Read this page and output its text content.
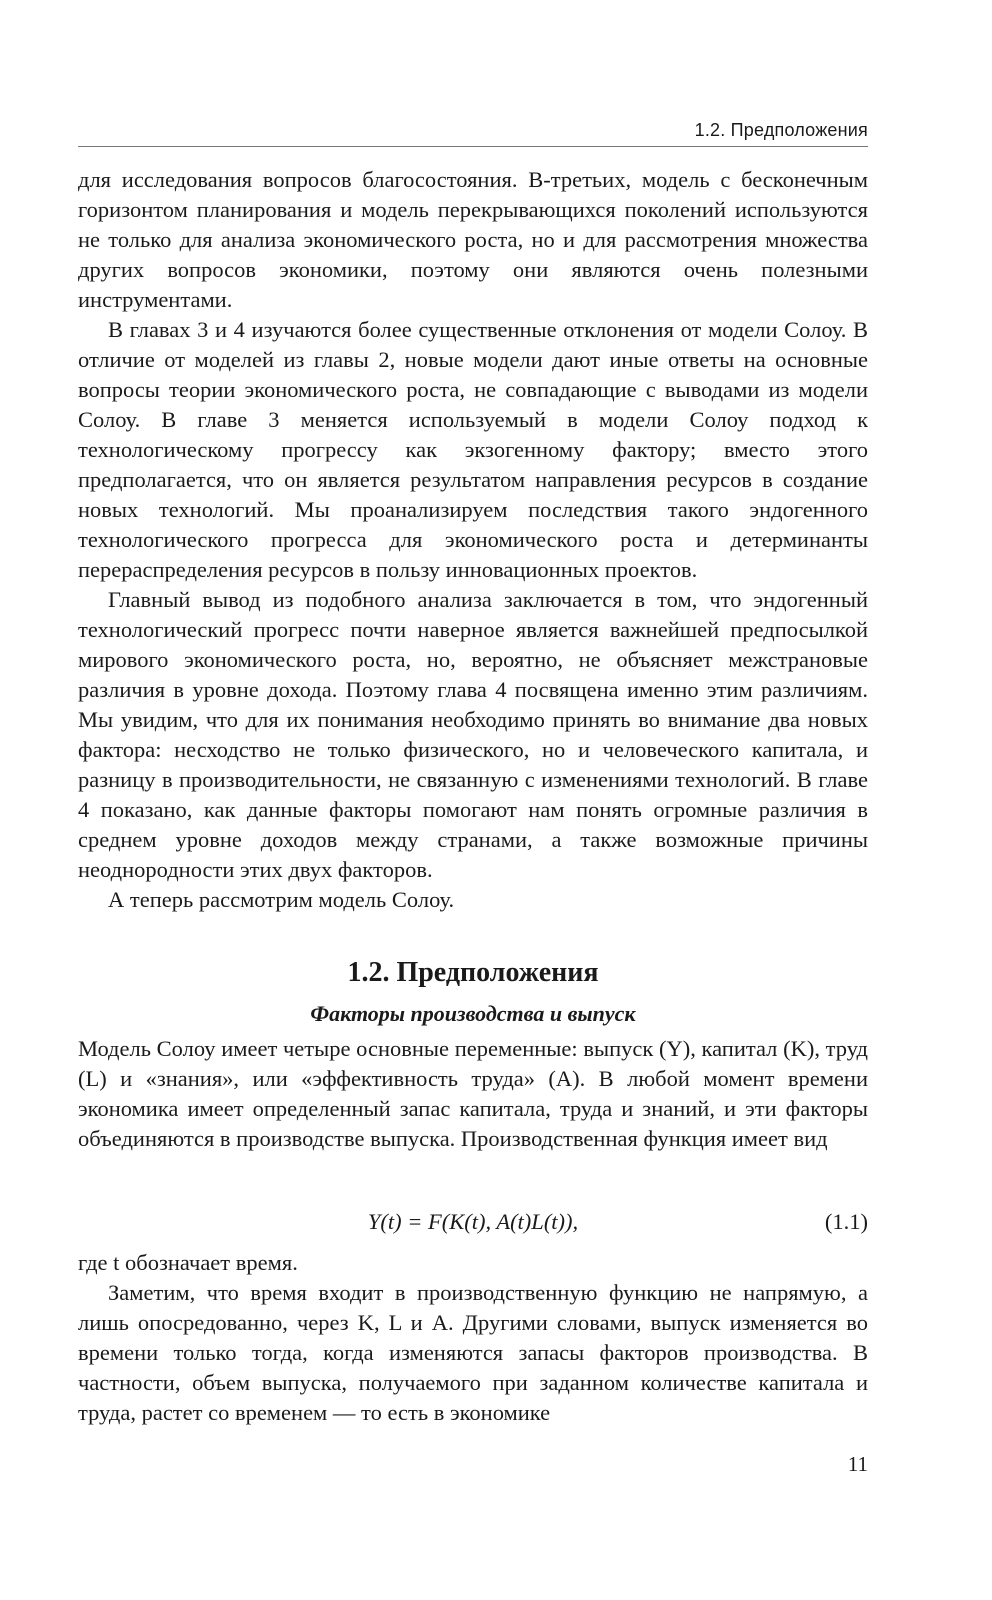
1.2. Предположения

для исследования вопросов благосостояния. В-третьих, модель с бесконечным горизонтом планирования и модель перекрывающихся поколений используются не только для анализа экономического роста, но и для рассмотрения множества других вопросов экономики, поэтому они являются очень полезными инструментами.

В главах 3 и 4 изучаются более существенные отклонения от модели Солоу. В отличие от моделей из главы 2, новые модели дают иные ответы на основные вопросы теории экономического роста, не совпадающие с выводами из модели Солоу. В главе 3 меняется используемый в модели Солоу подход к технологическому прогрессу как экзогенному фактору; вместо этого предполагается, что он является результатом направления ресурсов в создание новых технологий. Мы проанализируем последствия такого эндогенного технологического прогресса для экономического роста и детерминанты перераспределения ресурсов в пользу инновационных проектов.

Главный вывод из подобного анализа заключается в том, что эндогенный технологический прогресс почти наверное является важнейшей предпосылкой мирового экономического роста, но, вероятно, не объясняет межстрановые различия в уровне дохода. Поэтому глава 4 посвящена именно этим различиям. Мы увидим, что для их понимания необходимо принять во внимание два новых фактора: несходство не только физического, но и человеческого капитала, и разницу в производительности, не связанную с изменениями технологий. В главе 4 показано, как данные факторы помогают нам понять огромные различия в среднем уровне доходов между странами, а также возможные причины неоднородности этих двух факторов.

А теперь рассмотрим модель Солоу.

1.2. Предположения
Факторы производства и выпуск

Модель Солоу имеет четыре основные переменные: выпуск (Y), капитал (K), труд (L) и «знания», или «эффективность труда» (A). В любой момент времени экономика имеет определенный запас капитала, труда и знаний, и эти факторы объединяются в производстве выпуска. Производственная функция имеет вид

Y(t) = F(K(t), A(t)L(t)),	(1.1)

где t обозначает время.

Заметим, что время входит в производственную функцию не напрямую, а лишь опосредованно, через K, L и A. Другими словами, выпуск изменяется во времени только тогда, когда изменяются запасы факторов производства. В частности, объем выпуска, получаемого при заданном количестве капитала и труда, растет со временем — то есть в экономике

11
